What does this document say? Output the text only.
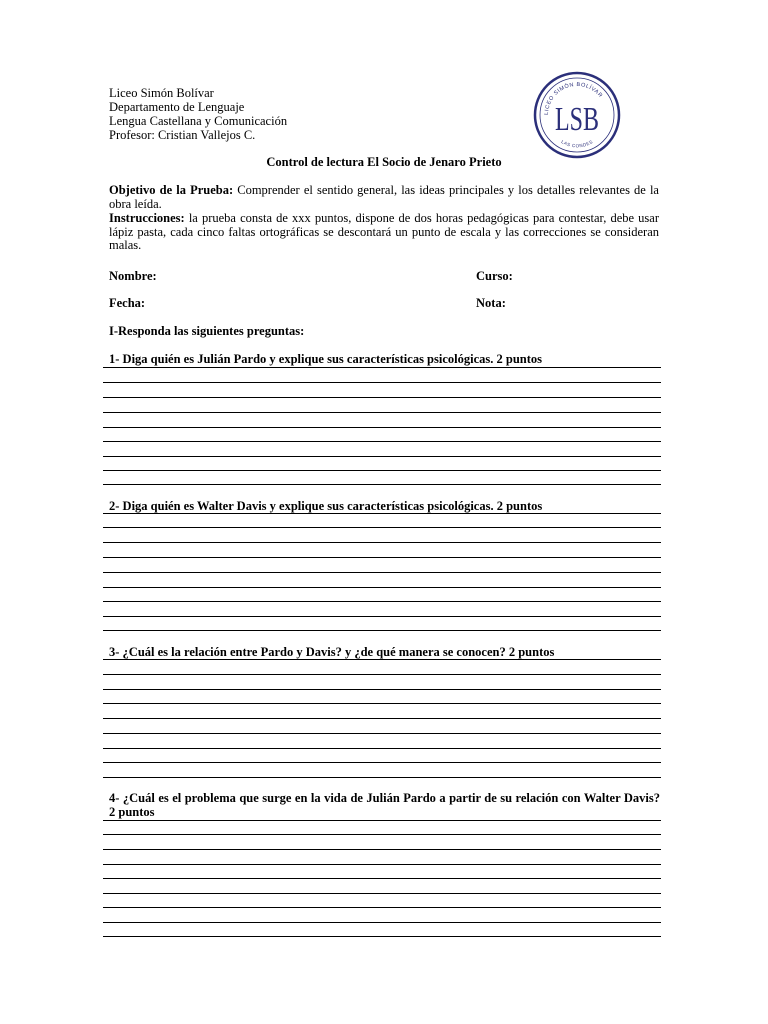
Liceo Simón Bolívar
Departamento de Lenguaje
Lengua Castellana y Comunicación
Profesor: Cristian Vallejos C.
LICEO SIMÓN BOLÍVAR
LAS CONDES
LSB
Control de lectura El Socio de Jenaro Prieto
Objetivo de la Prueba: Comprender el sentido general, las ideas principales y los detalles relevantes de la obra leída.
Instrucciones: la prueba consta de xxx puntos, dispone de dos horas pedagógicas para contestar, debe usar lápiz pasta, cada cinco faltas ortográficas se descontará un punto de escala y las correcciones se consideran malas.
Nombre:	Curso:
Fecha:	Nota:
I-Responda las siguientes preguntas:
1- Diga quién es Julián Pardo y explique sus características psicológicas. 2 puntos
2- Diga quién es Walter Davis y explique sus características psicológicas. 2 puntos
3- ¿Cuál es la relación entre Pardo y Davis? y ¿de qué manera se conocen? 2 puntos
4- ¿Cuál es el problema que surge en la vida de Julián Pardo a partir de su relación con Walter Davis? 2 puntos
